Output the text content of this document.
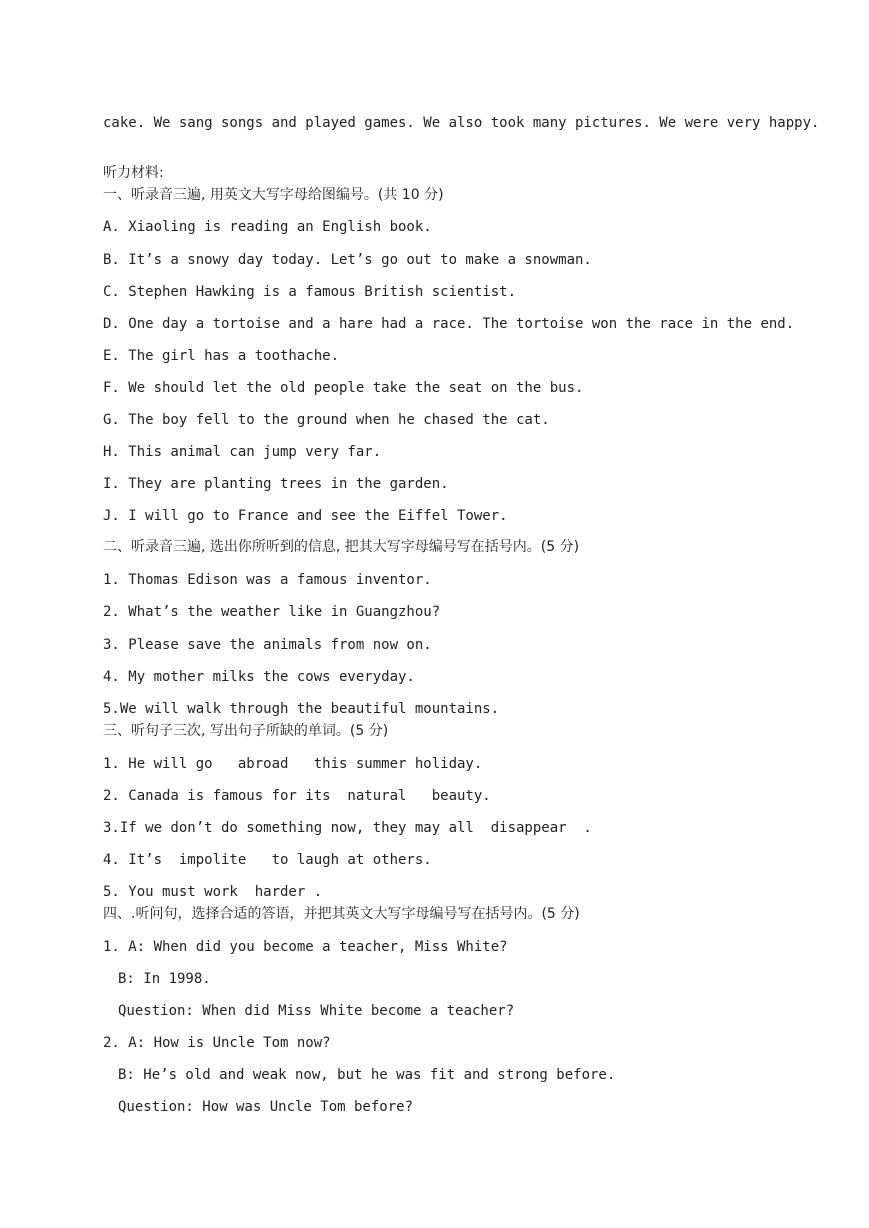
cake. We sang songs and played games. We also took many pictures. We were very happy.
听力材料:
一、听录音三遍, 用英文大写字母给图编号。(共 10 分)
A. Xiaoling is reading an English book.
B. It’s a snowy day today. Let’s go out to make a snowman.
C. Stephen Hawking is a famous British scientist.
D. One day a tortoise and a hare had a race. The tortoise won the race in the end.
E. The girl has a toothache.
F. We should let the old people take the seat on the bus.
G. The boy fell to the ground when he chased the cat.
H. This animal can jump very far.
I. They are planting trees in the garden.
J. I will go to France and see the Eiffel Tower.
二、听录音三遍, 选出你所听到的信息, 把其大写字母编号写在括号内。(5 分)
1. Thomas Edison was a famous inventor.
2. What’s the weather like in Guangzhou?
3. Please save the animals from now on.
4. My mother milks the cows everyday.
5.We will walk through the beautiful mountains.
三、听句子三次, 写出句子所缺的单词。(5 分)
1. He will go   abroad   this summer holiday.
2. Canada is famous for its  natural   beauty.
3.If we don’t do something now, they may all  disappear  .
4. It’s  impolite   to laugh at others.
5. You must work  harder .
四、.听问句，选择合适的答语，并把其英文大写字母编号写在括号内。(5 分)
1. A: When did you become a teacher, Miss White?
B: In 1998.
Question: When did Miss White become a teacher?
2. A: How is Uncle Tom now?
B: He’s old and weak now, but he was fit and strong before.
Question: How was Uncle Tom before?
